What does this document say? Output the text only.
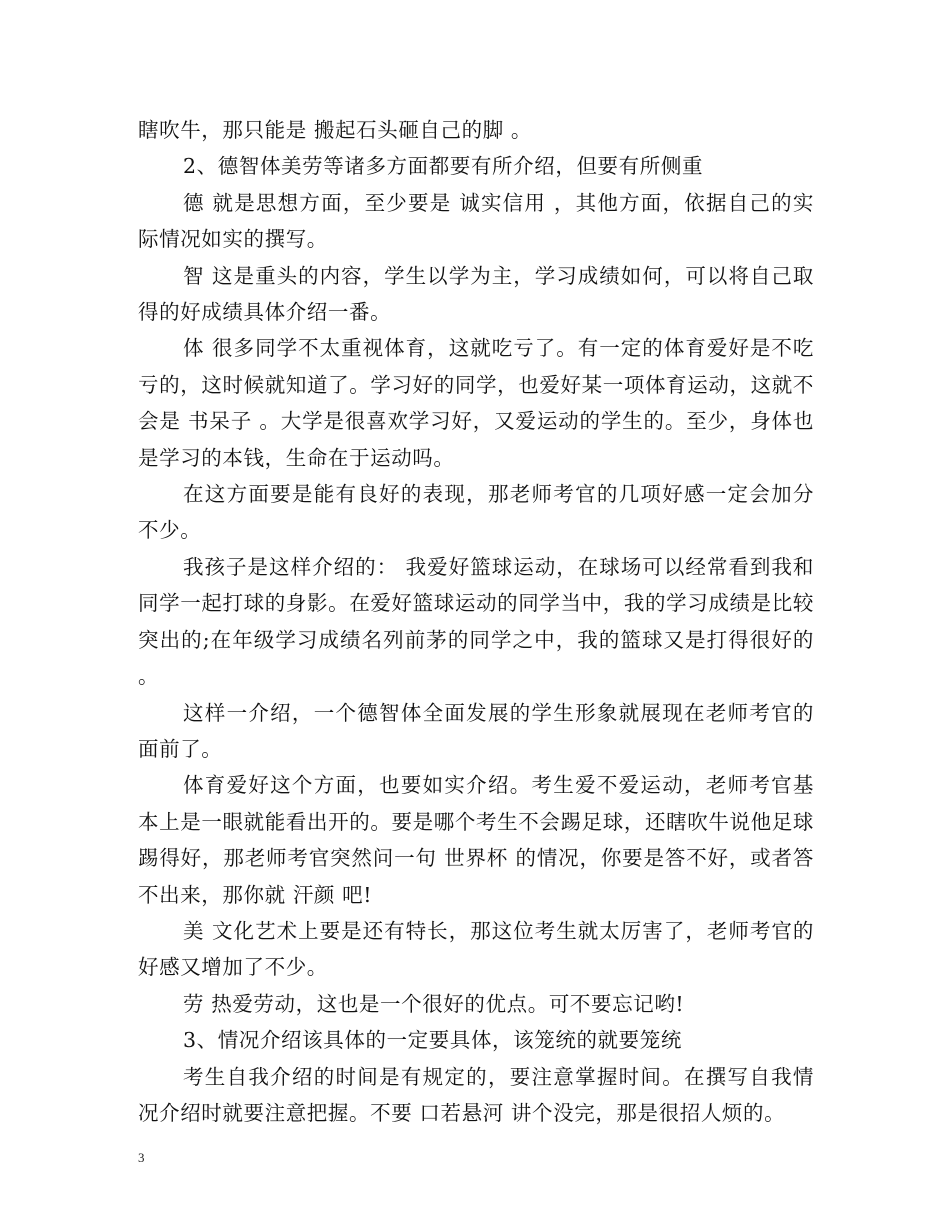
瞎吹牛，那只能是 搬起石头砸自己的脚 。

2、德智体美劳等诸多方面都要有所介绍，但要有所侧重

德 就是思想方面，至少要是 诚实信用 ，其他方面，依据自己的实际情况如实的撰写。

智 这是重头的内容，学生以学为主，学习成绩如何，可以将自己取得的好成绩具体介绍一番。

体 很多同学不太重视体育，这就吃亏了。有一定的体育爱好是不吃亏的，这时候就知道了。学习好的同学，也爱好某一项体育运动，这就不会是 书呆子 。大学是很喜欢学习好，又爱运动的学生的。至少，身体也是学习的本钱，生命在于运动吗。

在这方面要是能有良好的表现，那老师考官的几项好感一定会加分不少。

我孩子是这样介绍的： 我爱好篮球运动，在球场可以经常看到我和同学一起打球的身影。在爱好篮球运动的同学当中，我的学习成绩是比较突出的;在年级学习成绩名列前茅的同学之中，我的篮球又是打得很好的 。

这样一介绍，一个德智体全面发展的学生形象就展现在老师考官的面前了。

体育爱好这个方面，也要如实介绍。考生爱不爱运动，老师考官基本上是一眼就能看出开的。要是哪个考生不会踢足球，还瞎吹牛说他足球踢得好，那老师考官突然问一句 世界杯 的情况，你要是答不好，或者答不出来，那你就 汗颜 吧!

美 文化艺术上要是还有特长，那这位考生就太厉害了，老师考官的好感又增加了不少。

劳 热爱劳动，这也是一个很好的优点。可不要忘记哟!

3、情况介绍该具体的一定要具体，该笼统的就要笼统

考生自我介绍的时间是有规定的，要注意掌握时间。在撰写自我情况介绍时就要注意把握。不要 口若悬河 讲个没完，那是很招人烦的。

3
